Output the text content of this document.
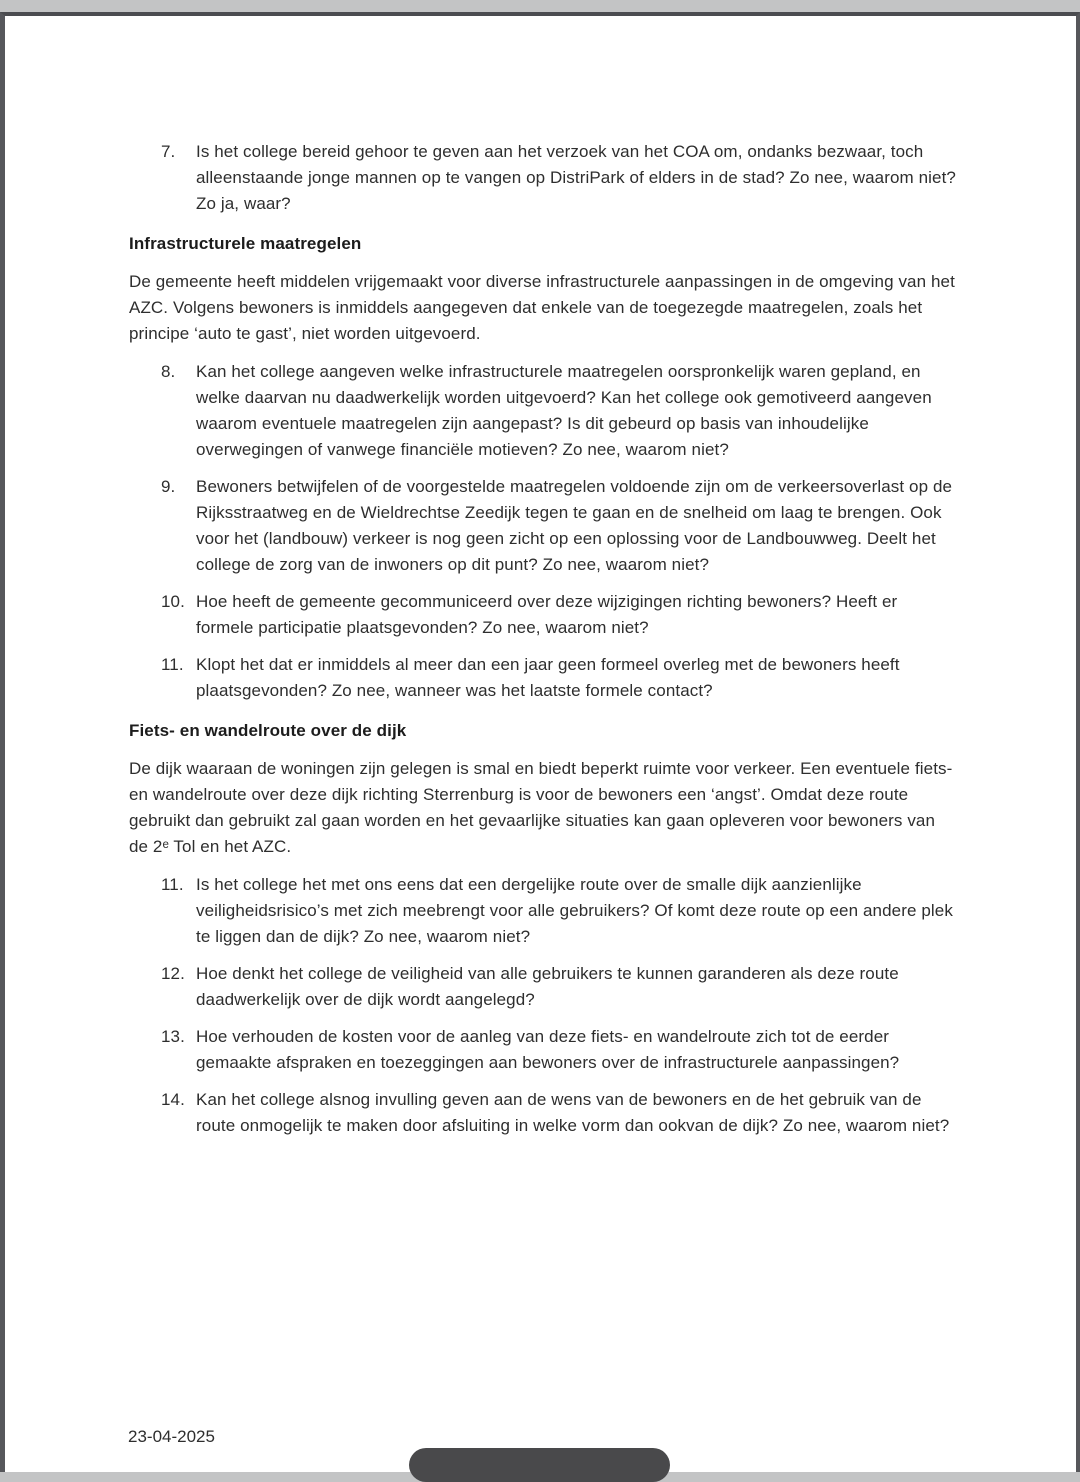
7.	Is het college bereid gehoor te geven aan het verzoek van het COA om, ondanks bezwaar, toch alleenstaande jonge mannen op te vangen op DistriPark of elders in de stad? Zo nee, waarom niet? Zo ja, waar?
Infrastructurele maatregelen

De gemeente heeft middelen vrijgemaakt voor diverse infrastructurele aanpassingen in de omgeving van het AZC. Volgens bewoners is inmiddels aangegeven dat enkele van de toegezegde maatregelen, zoals het principe ‘auto te gast’, niet worden uitgevoerd.

8.	Kan het college aangeven welke infrastructurele maatregelen oorspronkelijk waren gepland, en welke daarvan nu daadwerkelijk worden uitgevoerd? Kan het college ook gemotiveerd aangeven waarom eventuele maatregelen zijn aangepast? Is dit gebeurd op basis van inhoudelijke overwegingen of vanwege financiële motieven? Zo nee, waarom niet?
9.	Bewoners betwijfelen of de voorgestelde maatregelen voldoende zijn om de verkeersoverlast op de Rijksstraatweg en de Wieldrechtse Zeedijk tegen te gaan en de snelheid om laag te brengen. Ook voor het (landbouw) verkeer is nog geen zicht op een oplossing voor de Landbouwweg. Deelt het college de zorg van de inwoners op dit punt? Zo nee, waarom niet?
10. Hoe heeft de gemeente gecommuniceerd over deze wijzigingen richting bewoners? Heeft er formele participatie plaatsgevonden? Zo nee, waarom niet?
11. Klopt het dat er inmiddels al meer dan een jaar geen formeel overleg met de bewoners heeft plaatsgevonden? Zo nee, wanneer was het laatste formele contact?
Fiets- en wandelroute over de dijk

De dijk waaraan de woningen zijn gelegen is smal en biedt beperkt ruimte voor verkeer. Een eventuele fiets- en wandelroute over deze dijk richting Sterrenburg is voor de bewoners een ‘angst’. Omdat deze route gebruikt dan gebruikt zal gaan worden en het gevaarlijke situaties kan gaan opleveren voor bewoners van de 2ᵉ Tol en het AZC.

11. Is het college het met ons eens dat een dergelijke route over de smalle dijk aanzienlijke veiligheidsrisico’s met zich meebrengt voor alle gebruikers? Of komt deze route op een andere plek te liggen dan de dijk? Zo nee, waarom niet?
12. Hoe denkt het college de veiligheid van alle gebruikers te kunnen garanderen als deze route daadwerkelijk over de dijk wordt aangelegd?
13. Hoe verhouden de kosten voor de aanleg van deze fiets- en wandelroute zich tot de eerder gemaakte afspraken en toezeggingen aan bewoners over de infrastructurele aanpassingen?
14. Kan het college alsnog invulling geven aan de wens van de bewoners en de het gebruik van de route onmogelijk te maken door afsluiting in welke vorm dan ookvan de dijk? Zo nee, waarom niet?
23-04-2025
